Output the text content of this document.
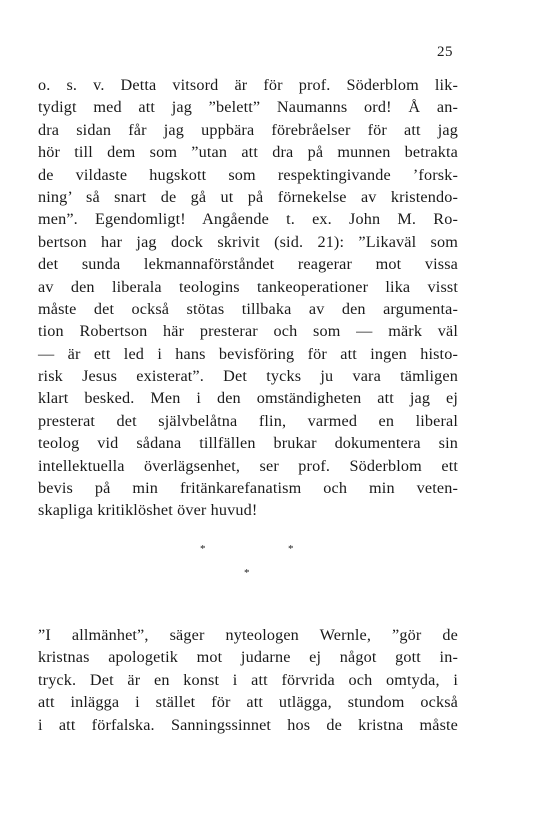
25
o. s. v. Detta vitsord är för prof. Söderblom lik-
tydigt med att jag ”belett” Naumanns ord! Å an-
dra sidan får jag uppbära förebråelser för att jag
hör till dem som ”utan att dra på munnen betrakta
de vildaste hugskott som respektingivande ’forsk-
ning’ så snart de gå ut på förnekelse av kristendo-
men”. Egendomligt! Angående t. ex. John M. Ro-
bertson har jag dock skrivit (sid. 21): ”Likaväl som
det sunda lekmannaförståndet reagerar mot vissa
av den liberala teologins tankeoperationer lika visst
måste det också stötas tillbaka av den argumenta-
tion Robertson här presterar och som — märk väl
— är ett led i hans bevisföring för att ingen histo-
risk Jesus existerat”. Det tycks ju vara tämligen
klart besked. Men i den omständigheten att jag ej
presterat det självbelåtna flin, varmed en liberal
teolog vid sådana tillfällen brukar dokumentera sin
intellektuella överlägsenhet, ser prof. Söderblom ett
bevis på min fritänkarefanatism och min veten-
skapliga kritiklöshet över huvud!
*	*
*
”I allmänhet”, säger nyteologen Wernle, ”gör de
kristnas apologetik mot judarne ej något gott in-
tryck. Det är en konst i att förvrida och omtyda, i
att inlägga i stället för att utlägga, stundom också
i att förfalska. Sanningssinnet hos de kristna måste
